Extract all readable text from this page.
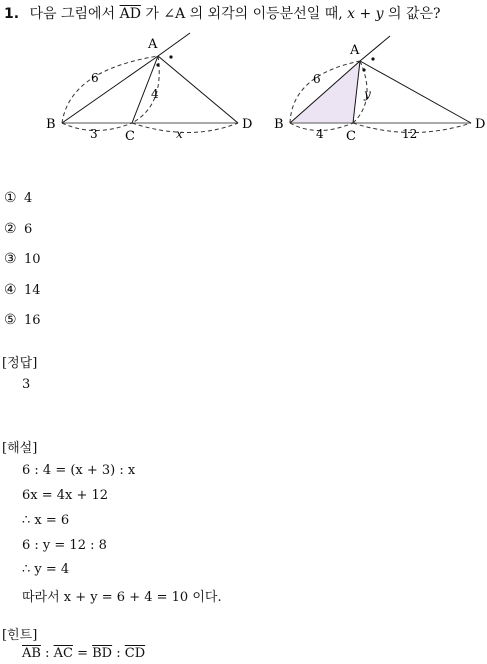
1. 다음 그림에서 $\overline{AD}$ 가 ∠A 의 외각의 이등분선일 때, x + y 의 값은?
A
B
C
D
6
3	x
4
A
B
C
D
6
4	12
y
① 4
② 6
③ 10
④ 14
⑤ 16
[정답]
3
[해설]
6 : 4 = (x + 3) : x
6x = 4x + 12
∴ x = 6
6 : y = 12 : 8
∴ y = 4
따라서 x + y = 6 + 4 = 10 이다.
[힌트]
$\overline{AB}$ : $\overline{AC} = \overline{BD}$ : $\overline{CD}$
